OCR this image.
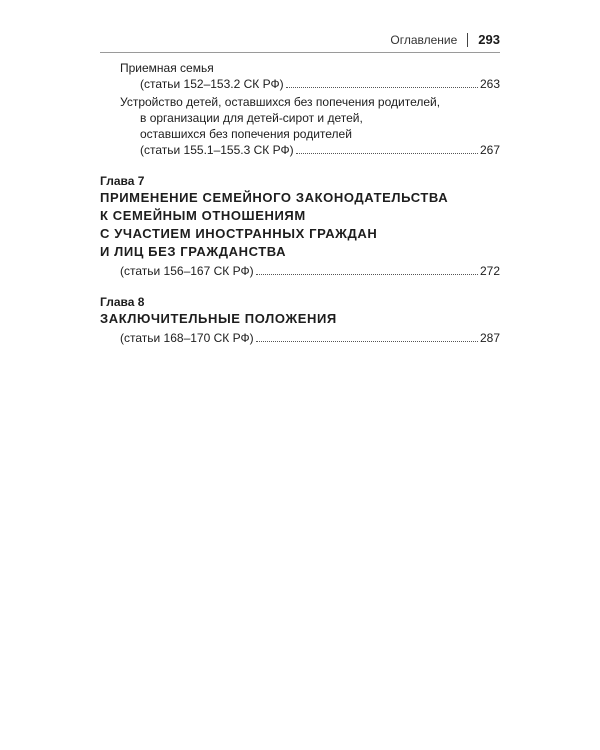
Оглавление 293
Приемная семья
(статьи 152–153.2 СК РФ)	263
Устройство детей, оставшихся без попечения родителей,
в организации для детей-сирот и детей,
оставшихся без попечения родителей
(статьи 155.1–155.3 СК РФ)	267
Глава 7
ПРИМЕНЕНИЕ СЕМЕЙНОГО ЗАКОНОДАТЕЛЬСТВА
К СЕМЕЙНЫМ ОТНОШЕНИЯМ
С УЧАСТИЕМ ИНОСТРАННЫХ ГРАЖДАН
И ЛИЦ БЕЗ ГРАЖДАНСТВА
(статьи 156–167 СК РФ)	272
Глава 8
ЗАКЛЮЧИТЕЛЬНЫЕ ПОЛОЖЕНИЯ
(статьи 168–170 СК РФ)	287
